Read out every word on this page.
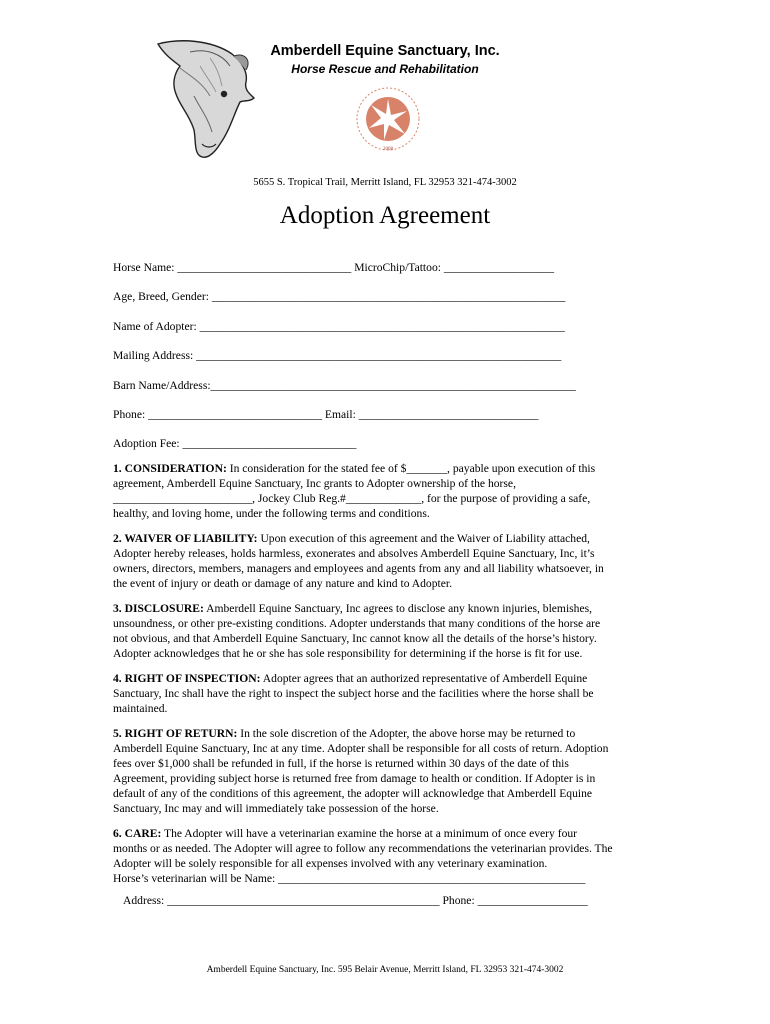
Amberdell Equine Sanctuary, Inc.
Horse Rescue and Rehabilitation
2008
5655 S. Tropical Trail, Merritt Island, FL 32953 321-474-3002
Adoption Agreement
Horse Name: ______________________________ MicroChip/Tattoo: ___________________
Age, Breed, Gender: _____________________________________________________________
Name of Adopter: _______________________________________________________________
Mailing Address: _______________________________________________________________
Barn Name/Address:_______________________________________________________________
Phone: ______________________________ Email: _______________________________
Adoption Fee: ______________________________
1. CONSIDERATION: In consideration for the stated fee of $_______, payable upon execution of this
agreement, Amberdell Equine Sanctuary, Inc grants to Adopter ownership of the horse,
________________________, Jockey Club Reg.#_____________, for the purpose of providing a safe,
healthy, and loving home, under the following terms and conditions.
2. WAIVER OF LIABILITY: Upon execution of this agreement and the Waiver of Liability attached,
Adopter hereby releases, holds harmless, exonerates and absolves Amberdell Equine Sanctuary, Inc, it’s
owners, directors, members, managers and employees and agents from any and all liability whatsoever, in
the event of injury or death or damage of any nature and kind to Adopter.
3. DISCLOSURE: Amberdell Equine Sanctuary, Inc agrees to disclose any known injuries, blemishes,
unsoundness, or other pre-existing conditions. Adopter understands that many conditions of the horse are
not obvious, and that Amberdell Equine Sanctuary, Inc cannot know all the details of the horse’s history.
Adopter acknowledges that he or she has sole responsibility for determining if the horse is fit for use.
4. RIGHT OF INSPECTION: Adopter agrees that an authorized representative of Amberdell Equine
Sanctuary, Inc shall have the right to inspect the subject horse and the facilities where the horse shall be
maintained.
5. RIGHT OF RETURN: In the sole discretion of the Adopter, the above horse may be returned to
Amberdell Equine Sanctuary, Inc at any time. Adopter shall be responsible for all costs of return. Adoption
fees over $1,000 shall be refunded in full, if the horse is returned within 30 days of the date of this
Agreement, providing subject horse is returned free from damage to health or condition. If Adopter is in
default of any of the conditions of this agreement, the adopter will acknowledge that Amberdell Equine
Sanctuary, Inc may and will immediately take possession of the horse.
6. CARE: The Adopter will have a veterinarian examine the horse at a minimum of once every four
months or as needed. The Adopter will agree to follow any recommendations the veterinarian provides. The
Adopter will be solely responsible for all expenses involved with any veterinary examination.
Horse’s veterinarian will be Name: _____________________________________________________
Address: _______________________________________________ Phone: ___________________
Amberdell Equine Sanctuary, Inc. 595 Belair Avenue, Merritt Island, FL 32953 321-474-3002
